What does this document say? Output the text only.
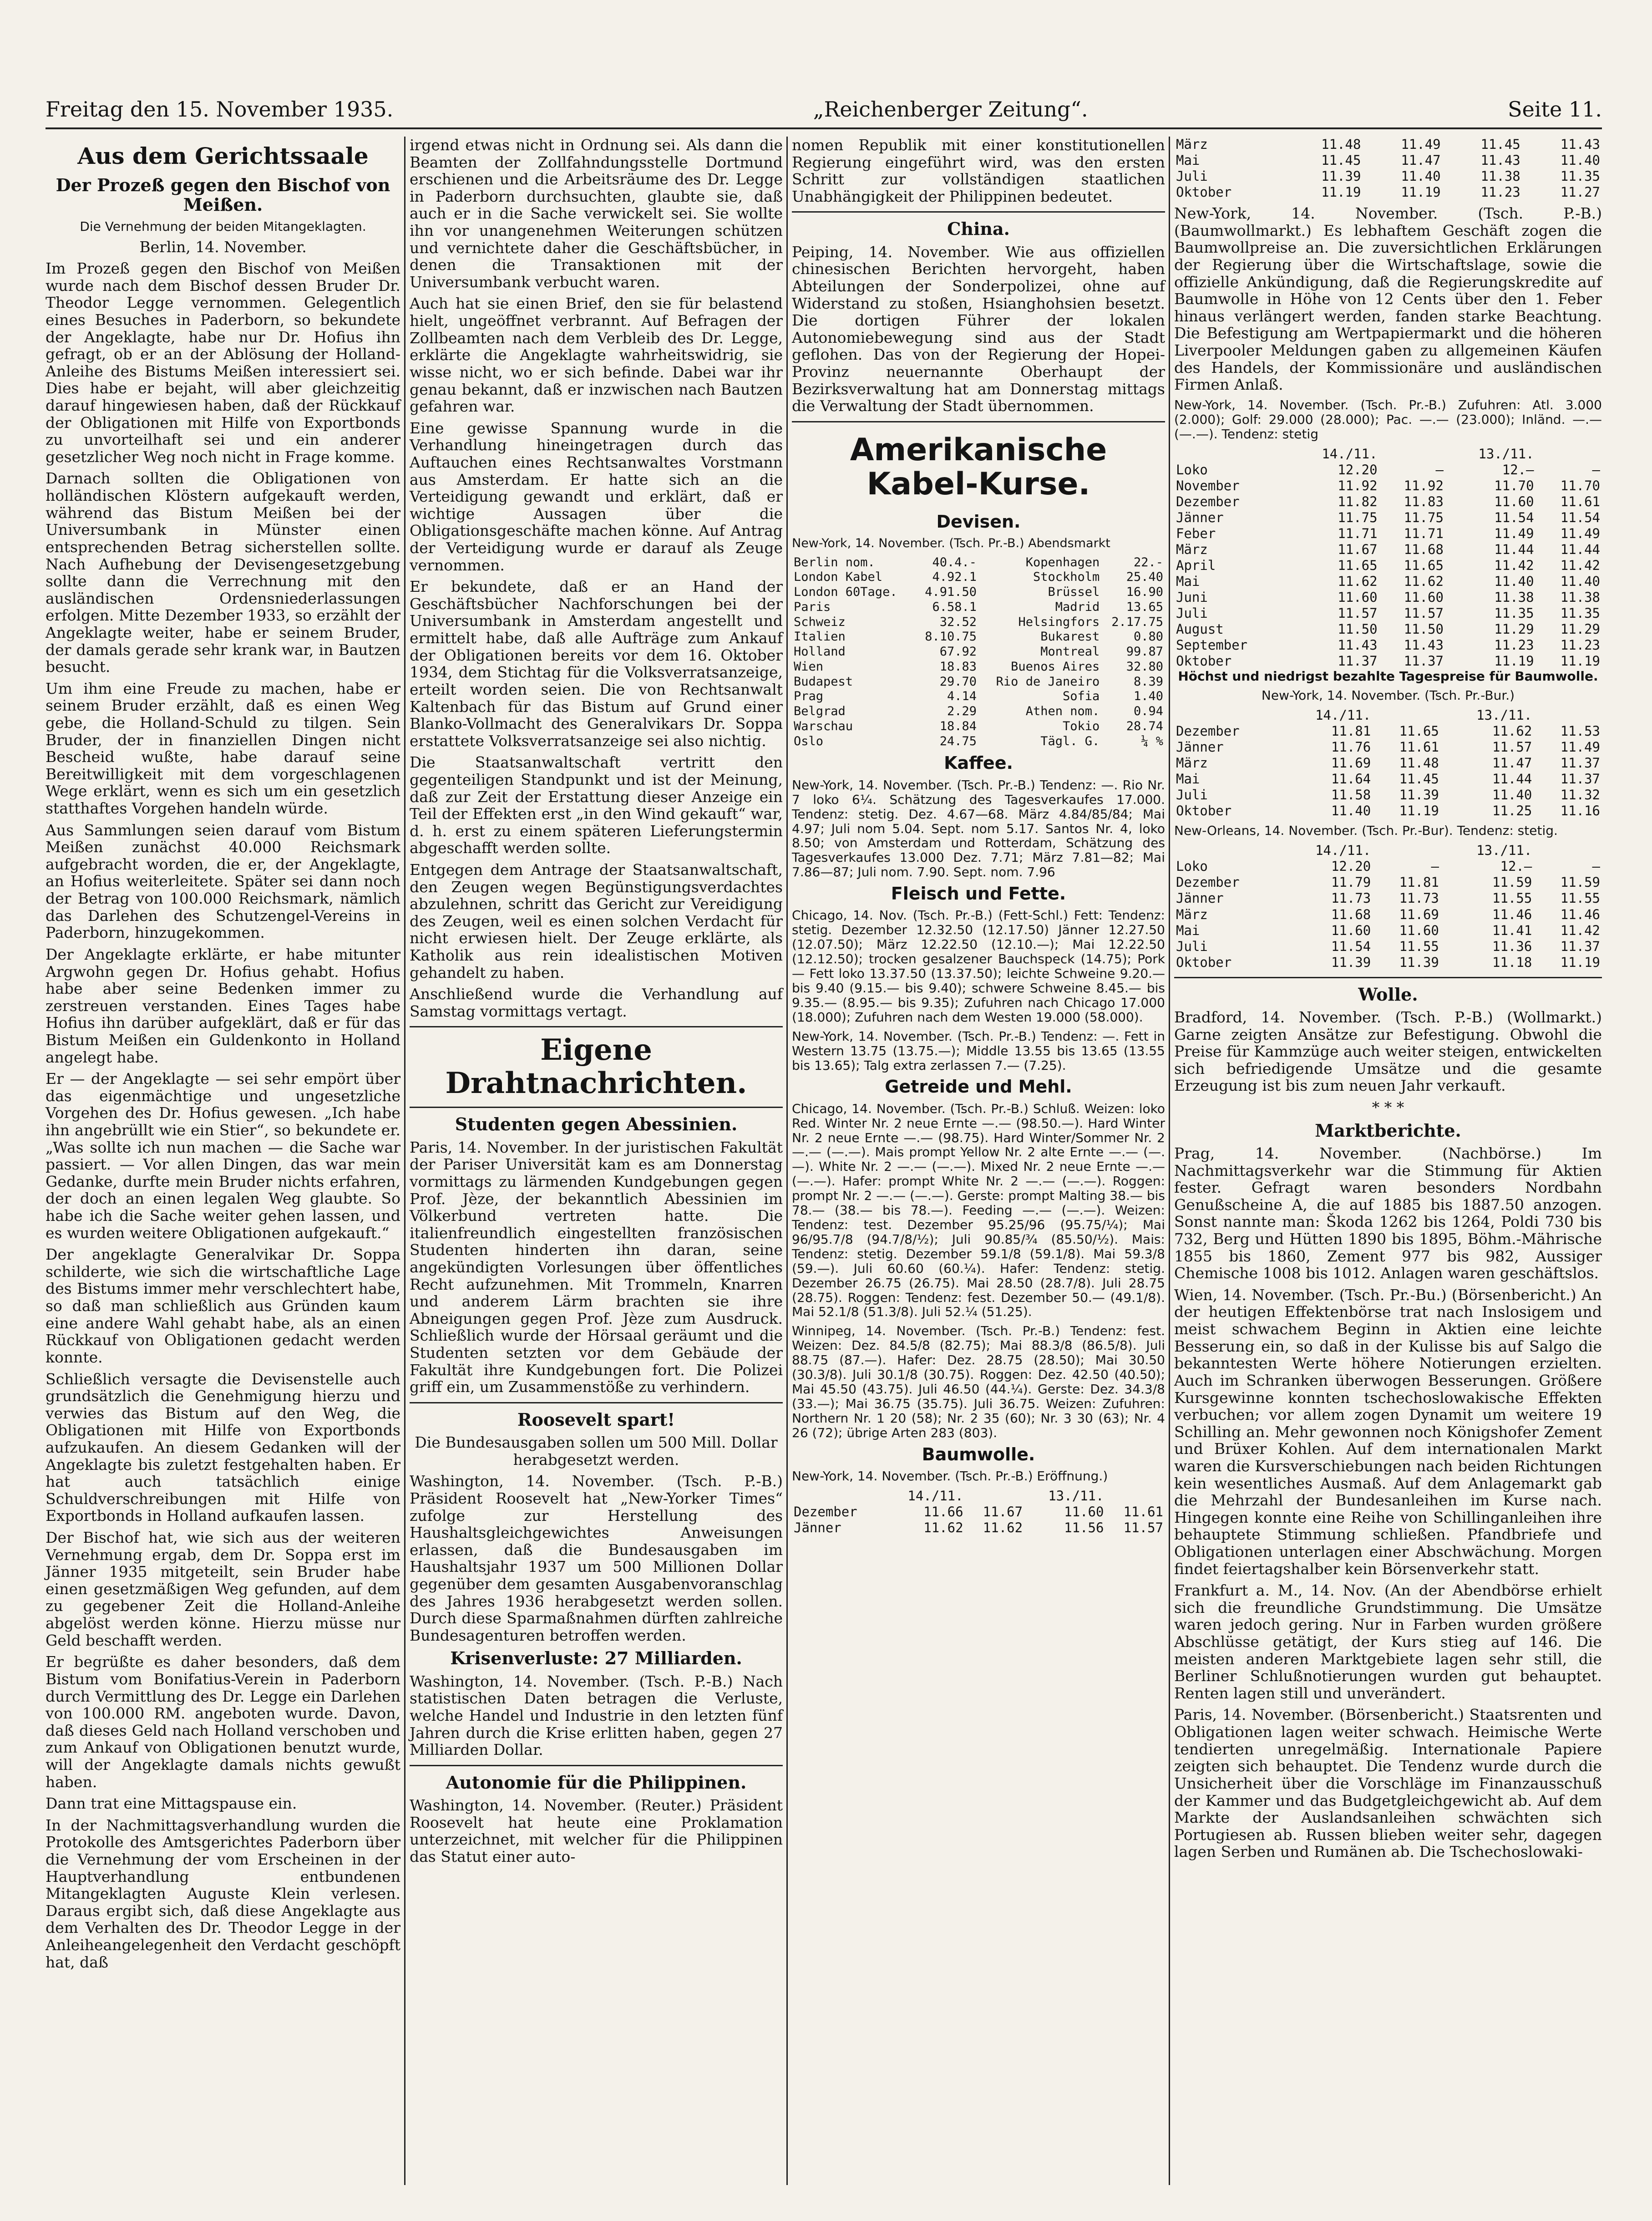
Freitag den 15. November 1935.	„Reichenberger Zeitung“.	Seite 11.
Aus dem Gerichtssaale
Der Prozeß gegen den Bischof von Meißen.

Die Vernehmung der beiden Mitangeklagten.

Berlin, 14. November.

Im Prozeß gegen den Bischof von Meißen wurde nach dem Bischof dessen Bruder Dr. Theodor Legge vernommen. Gelegentlich eines Besuches in Paderborn, so bekundete der Angeklagte, habe nur Dr. Hofius ihn gefragt, ob er an der Ablösung der Holland-Anleihe des Bistums Meißen interessiert sei. Dies habe er bejaht, will aber gleichzeitig darauf hingewiesen haben, daß der Rückkauf der Obligationen mit Hilfe von Exportbonds zu unvorteilhaft sei und ein anderer gesetzlicher Weg noch nicht in Frage komme.

Darnach sollten die Obligationen von holländischen Klöstern aufgekauft werden, während das Bistum Meißen bei der Universumbank in Münster einen entsprechenden Betrag sicherstellen sollte. Nach Aufhebung der Devisengesetzgebung sollte dann die Verrechnung mit den ausländischen Ordensniederlassungen erfolgen. Mitte Dezember 1933, so erzählt der Angeklagte weiter, habe er seinem Bruder, der damals gerade sehr krank war, in Bautzen besucht.

Um ihm eine Freude zu machen, habe er seinem Bruder erzählt, daß es einen Weg gebe, die Holland-Schuld zu tilgen. Sein Bruder, der in finanziellen Dingen nicht Bescheid wußte, habe darauf seine Bereitwilligkeit mit dem vorgeschlagenen Wege erklärt, wenn es sich um ein gesetzlich statthaftes Vorgehen handeln würde.

Aus Sammlungen seien darauf vom Bistum Meißen zunächst 40.000 Reichsmark aufgebracht worden, die er, der Angeklagte, an Hofius weiterleitete. Später sei dann noch der Betrag von 100.000 Reichsmark, nämlich das Darlehen des Schutzengel-Vereins in Paderborn, hinzugekommen.

Der Angeklagte erklärte, er habe mitunter Argwohn gegen Dr. Hofius gehabt. Hofius habe aber seine Bedenken immer zu zerstreuen verstanden. Eines Tages habe Hofius ihn darüber aufgeklärt, daß er für das Bistum Meißen ein Guldenkonto in Holland angelegt habe.

Er — der Angeklagte — sei sehr empört über das eigenmächtige und ungesetzliche Vorgehen des Dr. Hofius gewesen. „Ich habe ihn angebrüllt wie ein Stier“, so bekundete er. „Was sollte ich nun machen — die Sache war passiert. — Vor allen Dingen, das war mein Gedanke, durfte mein Bruder nichts erfahren, der doch an einen legalen Weg glaubte. So habe ich die Sache weiter gehen lassen, und es wurden weitere Obligationen aufgekauft.“

Der angeklagte Generalvikar Dr. Soppa schilderte, wie sich die wirtschaftliche Lage des Bistums immer mehr verschlechtert habe, so daß man schließlich aus Gründen kaum eine andere Wahl gehabt habe, als an einen Rückkauf von Obligationen gedacht werden konnte.

Schließlich versagte die Devisenstelle auch grundsätzlich die Genehmigung hierzu und verwies das Bistum auf den Weg, die Obligationen mit Hilfe von Exportbonds aufzukaufen. An diesem Gedanken will der Angeklagte bis zuletzt festgehalten haben. Er hat auch tatsächlich einige Schuldverschreibungen mit Hilfe von Exportbonds in Holland aufkaufen lassen.

Der Bischof hat, wie sich aus der weiteren Vernehmung ergab, dem Dr. Soppa erst im Jänner 1935 mitgeteilt, sein Bruder habe einen gesetzmäßigen Weg gefunden, auf dem zu gegebener Zeit die Holland-Anleihe abgelöst werden könne. Hierzu müsse nur Geld beschafft werden.

Er begrüßte es daher besonders, daß dem Bistum vom Bonifatius-Verein in Paderborn durch Vermittlung des Dr. Legge ein Darlehen von 100.000 RM. angeboten wurde. Davon, daß dieses Geld nach Holland verschoben und zum Ankauf von Obligationen benutzt wurde, will der Angeklagte damals nichts gewußt haben.

Dann trat eine Mittagspause ein.

In der Nachmittagsverhandlung wurden die Protokolle des Amtsgerichtes Paderborn über die Vernehmung der vom Erscheinen in der Hauptverhandlung entbundenen Mitangeklagten Auguste Klein verlesen. Daraus ergibt sich, daß diese Angeklagte aus dem Verhalten des Dr. Theodor Legge in der Anleiheangelegenheit den Verdacht geschöpft hat, daß

irgend etwas nicht in Ordnung sei. Als dann die Beamten der Zollfahndungsstelle Dortmund erschienen und die Arbeitsräume des Dr. Legge in Paderborn durchsuchten, glaubte sie, daß auch er in die Sache verwickelt sei. Sie wollte ihn vor unangenehmen Weiterungen schützen und vernichtete daher die Geschäftsbücher, in denen die Transaktionen mit der Universumbank verbucht waren.

Auch hat sie einen Brief, den sie für belastend hielt, ungeöffnet verbrannt. Auf Befragen der Zollbeamten nach dem Verbleib des Dr. Legge, erklärte die Angeklagte wahrheitswidrig, sie wisse nicht, wo er sich befinde. Dabei war ihr genau bekannt, daß er inzwischen nach Bautzen gefahren war.

Eine gewisse Spannung wurde in die Verhandlung hineingetragen durch das Auftauchen eines Rechtsanwaltes Vorstmann aus Amsterdam. Er hatte sich an die Verteidigung gewandt und erklärt, daß er wichtige Aussagen über die Obligationsgeschäfte machen könne. Auf Antrag der Verteidigung wurde er darauf als Zeuge vernommen.

Er bekundete, daß er an Hand der Geschäftsbücher Nachforschungen bei der Universumbank in Amsterdam angestellt und ermittelt habe, daß alle Aufträge zum Ankauf der Obligationen bereits vor dem 16. Oktober 1934, dem Stichtag für die Volksverratsanzeige, erteilt worden seien. Die von Rechtsanwalt Kaltenbach für das Bistum auf Grund einer Blanko-Vollmacht des Generalvikars Dr. Soppa erstattete Volksverratsanzeige sei also nichtig.

Die Staatsanwaltschaft vertritt den gegenteiligen Standpunkt und ist der Meinung, daß zur Zeit der Erstattung dieser Anzeige ein Teil der Effekten erst „in den Wind gekauft“ war, d. h. erst zu einem späteren Lieferungstermin abgeschafft werden sollte.

Entgegen dem Antrage der Staatsanwaltschaft, den Zeugen wegen Begünstigungsverdachtes abzulehnen, schritt das Gericht zur Vereidigung des Zeugen, weil es einen solchen Verdacht für nicht erwiesen hielt. Der Zeuge erklärte, als Katholik aus rein idealistischen Motiven gehandelt zu haben.

Anschließend wurde die Verhandlung auf Samstag vormittags vertagt.

Eigene Drahtnachrichten.
Studenten gegen Abessinien.

Paris, 14. November. In der juristischen Fakultät der Pariser Universität kam es am Donnerstag vormittags zu lärmenden Kundgebungen gegen Prof. Jèze, der bekanntlich Abessinien im Völkerbund vertreten hatte. Die italienfreundlich eingestellten französischen Studenten hinderten ihn daran, seine angekündigten Vorlesungen über öffentliches Recht aufzunehmen. Mit Trommeln, Knarren und anderem Lärm brachten sie ihre Abneigungen gegen Prof. Jèze zum Ausdruck. Schließlich wurde der Hörsaal geräumt und die Studenten setzten vor dem Gebäude der Fakultät ihre Kundgebungen fort. Die Polizei griff ein, um Zusammenstöße zu verhindern.

Roosevelt spart!

Die Bundesausgaben sollen um 500 Mill. Dollar herabgesetzt werden.

Washington, 14. November. (Tsch. P.-B.) Präsident Roosevelt hat „New-Yorker Times“ zufolge zur Herstellung des Haushaltsgleichgewichtes Anweisungen erlassen, daß die Bundesausgaben im Haushaltsjahr 1937 um 500 Millionen Dollar gegenüber dem gesamten Ausgabenvoranschlag des Jahres 1936 herabgesetzt werden sollen. Durch diese Sparmaßnahmen dürften zahlreiche Bundesagenturen betroffen werden.

Krisenverluste: 27 Milliarden.

Washington, 14. November. (Tsch. P.-B.) Nach statistischen Daten betragen die Verluste, welche Handel und Industrie in den letzten fünf Jahren durch die Krise erlitten haben, gegen 27 Milliarden Dollar.

Autonomie für die Philippinen.

Washington, 14. November. (Reuter.) Präsident Roosevelt hat heute eine Proklamation unterzeichnet, mit welcher für die Philippinen das Statut einer auto-

nomen Republik mit einer konstitutionellen Regierung eingeführt wird, was den ersten Schritt zur vollständigen staatlichen Unabhängigkeit der Philippinen bedeutet.

China.

Peiping, 14. November. Wie aus offiziellen chinesischen Berichten hervorgeht, haben Abteilungen der Sonderpolizei, ohne auf Widerstand zu stoßen, Hsianghohsien besetzt. Die dortigen Führer der lokalen Autonomiebewegung sind aus der Stadt geflohen. Das von der Regierung der Hopei-Provinz neuernannte Oberhaupt der Bezirksverwaltung hat am Donnerstag mittags die Verwaltung der Stadt übernommen.

Amerikanische Kabel-Kurse.
Devisen.

New-York, 14. November. (Tsch. Pr.-B.) Abendsmarkt

Berlin nom.	40.4.-	Kopenhagen	22.-
London Kabel	4.92.1	Stockholm	25.40
London 60Tage.	4.91.50	Brüssel	16.90
Paris	6.58.1	Madrid	13.65
Schweiz	32.52	Helsingfors	2.17.75
Italien	8.10.75	Bukarest	0.80
Holland	67.92	Montreal	99.87
Wien	18.83	Buenos Aires	32.80
Budapest	29.70	Rio de Janeiro	8.39
Prag	4.14	Sofia	1.40
Belgrad	2.29	Athen nom.	0.94
Warschau	18.84	Tokio	28.74
Oslo	24.75	Tägl. G.	¼ %
Kaffee.

New-York, 14. November. (Tsch. Pr.-B.) Tendenz: —. Rio Nr. 7 loko 6¼. Schätzung des Tagesverkaufes 17.000. Tendenz: stetig. Dez. 4.67—68. März 4.84/85/84; Mai 4.97; Juli nom 5.04. Sept. nom 5.17. Santos Nr. 4, loko 8.50; von Amsterdam und Rotterdam, Schätzung des Tagesverkaufes 13.000 Dez. 7.71; März 7.81—82; Mai 7.86—87; Juli nom. 7.90. Sept. nom. 7.96

Fleisch und Fette.

Chicago, 14. Nov. (Tsch. Pr.-B.) (Fett-Schl.) Fett: Tendenz: stetig. Dezember 12.32.50 (12.17.50) Jänner 12.27.50 (12.07.50); März 12.22.50 (12.10.—); Mai 12.22.50 (12.12.50); trocken gesalzener Bauchspeck (14.75); Pork — Fett loko 13.37.50 (13.37.50); leichte Schweine 9.20.— bis 9.40 (9.15.— bis 9.40); schwere Schweine 8.45.— bis 9.35.— (8.95.— bis 9.35); Zufuhren nach Chicago 17.000 (18.000); Zufuhren nach dem Westen 19.000 (58.000).

New-York, 14. November. (Tsch. Pr.-B.) Tendenz: —. Fett in Western 13.75 (13.75.—); Middle 13.55 bis 13.65 (13.55 bis 13.65); Talg extra zerlassen 7.— (7.25).

Getreide und Mehl.

Chicago, 14. November. (Tsch. Pr.-B.) Schluß. Weizen: loko Red. Winter Nr. 2 neue Ernte —.— (98.50.—). Hard Winter Nr. 2 neue Ernte —.— (98.75). Hard Winter/Sommer Nr. 2 —.— (—.—). Mais prompt Yellow Nr. 2 alte Ernte —.— (—.—). White Nr. 2 —.— (—.—). Mixed Nr. 2 neue Ernte —.— (—.—). Hafer: prompt White Nr. 2 —.— (—.—). Roggen: prompt Nr. 2 —.— (—.—). Gerste: prompt Malting 38.— bis 78.— (38.— bis 78.—). Feeding —.— (—.—). Weizen: Tendenz: test. Dezember 95.25/96 (95.75/¼); Mai 96/95.7/8 (94.7/8/½); Juli 90.85/¾ (85.50/½). Mais: Tendenz: stetig. Dezember 59.1/8 (59.1/8). Mai 59.3/8 (59.—). Juli 60.60 (60.¼). Hafer: Tendenz: stetig. Dezember 26.75 (26.75). Mai 28.50 (28.7/8). Juli 28.75 (28.75). Roggen: Tendenz: fest. Dezember 50.— (49.1/8). Mai 52.1/8 (51.3/8). Juli 52.¼ (51.25).

Winnipeg, 14. November. (Tsch. Pr.-B.) Tendenz: fest. Weizen: Dez. 84.5/8 (82.75); Mai 88.3/8 (86.5/8). Juli 88.75 (87.—). Hafer: Dez. 28.75 (28.50); Mai 30.50 (30.3/8). Juli 30.1/8 (30.75). Roggen: Dez. 42.50 (40.50); Mai 45.50 (43.75). Juli 46.50 (44.¼). Gerste: Dez. 34.3/8 (33.—); Mai 36.75 (35.75). Juli 36.75. Weizen: Zufuhren: Northern Nr. 1 20 (58); Nr. 2 35 (60); Nr. 3 30 (63); Nr. 4 26 (72); übrige Arten 283 (803).

Baumwolle.

New-York, 14. November. (Tsch. Pr.-B.) Eröffnung.)

	14./11.		13./11.	
Dezember	11.66	11.67	11.60	11.61
Jänner	11.62	11.62	11.56	11.57
März	11.48	11.49	11.45	11.43
Mai	11.45	11.47	11.43	11.40
Juli	11.39	11.40	11.38	11.35
Oktober	11.19	11.19	11.23	11.27

New-York, 14. November. (Tsch. P.-B.) (Baumwollmarkt.) Es lebhaftem Geschäft zogen die Baumwollpreise an. Die zuversichtlichen Erklärungen der Regierung über die Wirtschaftslage, sowie die offizielle Ankündigung, daß die Regierungskredite auf Baumwolle in Höhe von 12 Cents über den 1. Feber hinaus verlängert werden, fanden starke Beachtung. Die Befestigung am Wertpapiermarkt und die höheren Liverpooler Meldungen gaben zu allgemeinen Käufen des Handels, der Kommissionäre und ausländischen Firmen Anlaß.

New-York, 14. November. (Tsch. Pr.-B.) Zufuhren: Atl. 3.000 (2.000); Golf: 29.000 (28.000); Pac. —.— (23.000); Inländ. —.— (—.—). Tendenz: stetig

	14./11.		13./11.	
Loko	12.20	—	12.—	—
November	11.92	11.92	11.70	11.70
Dezember	11.82	11.83	11.60	11.61
Jänner	11.75	11.75	11.54	11.54
Feber	11.71	11.71	11.49	11.49
März	11.67	11.68	11.44	11.44
April	11.65	11.65	11.42	11.42
Mai	11.62	11.62	11.40	11.40
Juni	11.60	11.60	11.38	11.38
Juli	11.57	11.57	11.35	11.35
August	11.50	11.50	11.29	11.29
September	11.43	11.43	11.23	11.23
Oktober	11.37	11.37	11.19	11.19

Höchst und niedrigst bezahlte Tagespreise für Baumwolle.

New-York, 14. November. (Tsch. Pr.-Bur.)

	14./11.		13./11.	
Dezember	11.81	11.65	11.62	11.53
Jänner	11.76	11.61	11.57	11.49
März	11.69	11.48	11.47	11.37
Mai	11.64	11.45	11.44	11.37
Juli	11.58	11.39	11.40	11.32
Oktober	11.40	11.19	11.25	11.16

New-Orleans, 14. November. (Tsch. Pr.-Bur). Tendenz: stetig.

	14./11.		13./11.	
Loko	12.20	—	12.—	—
Dezember	11.79	11.81	11.59	11.59
Jänner	11.73	11.73	11.55	11.55
März	11.68	11.69	11.46	11.46
Mai	11.60	11.60	11.41	11.42
Juli	11.54	11.55	11.36	11.37
Oktober	11.39	11.39	11.18	11.19
Wolle.

Bradford, 14. November. (Tsch. P.-B.) (Wollmarkt.) Garne zeigten Ansätze zur Befestigung. Obwohl die Preise für Kammzüge auch weiter steigen, entwickelten sich befriedigende Umsätze und die gesamte Erzeugung ist bis zum neuen Jahr verkauft.

* * *

Marktberichte.

Prag, 14. November. (Nachbörse.) Im Nachmittagsverkehr war die Stimmung für Aktien fester. Gefragt waren besonders Nordbahn Genußscheine A, die auf 1885 bis 1887.50 anzogen. Sonst nannte man: Škoda 1262 bis 1264, Poldi 730 bis 732, Berg und Hütten 1890 bis 1895, Böhm.-Mährische 1855 bis 1860, Zement 977 bis 982, Aussiger Chemische 1008 bis 1012. Anlagen waren geschäftslos.

Wien, 14. November. (Tsch. Pr.-Bu.) (Börsenbericht.) An der heutigen Effektenbörse trat nach Inslosigem und meist schwachem Beginn in Aktien eine leichte Besserung ein, so daß in der Kulisse bis auf Salgo die bekanntesten Werte höhere Notierungen erzielten. Auch im Schranken überwogen Besserungen. Größere Kursgewinne konnten tschechoslowakische Effekten verbuchen; vor allem zogen Dynamit um weitere 19 Schilling an. Mehr gewonnen noch Königshofer Zement und Brüxer Kohlen. Auf dem internationalen Markt waren die Kursverschiebungen nach beiden Richtungen kein wesentliches Ausmaß. Auf dem Anlagemarkt gab die Mehrzahl der Bundesanleihen im Kurse nach. Hingegen konnte eine Reihe von Schillinganleihen ihre behauptete Stimmung schließen. Pfandbriefe und Obligationen unterlagen einer Abschwächung. Morgen findet feiertagshalber kein Börsenverkehr statt.

Frankfurt a. M., 14. Nov. (An der Abendbörse erhielt sich die freundliche Grundstimmung. Die Umsätze waren jedoch gering. Nur in Farben wurden größere Abschlüsse getätigt, der Kurs stieg auf 146. Die meisten anderen Marktgebiete lagen sehr still, die Berliner Schlußnotierungen wurden gut behauptet. Renten lagen still und unverändert.

Paris, 14. November. (Börsenbericht.) Staatsrenten und Obligationen lagen weiter schwach. Heimische Werte tendierten unregelmäßig. Internationale Papiere zeigten sich behauptet. Die Tendenz wurde durch die Unsicherheit über die Vorschläge im Finanzausschuß der Kammer und das Budgetgleichgewicht ab. Auf dem Markte der Auslandsanleihen schwächten sich Portugiesen ab. Russen blieben weiter sehr, dagegen lagen Serben und Rumänen ab. Die Tschechoslowaki-
